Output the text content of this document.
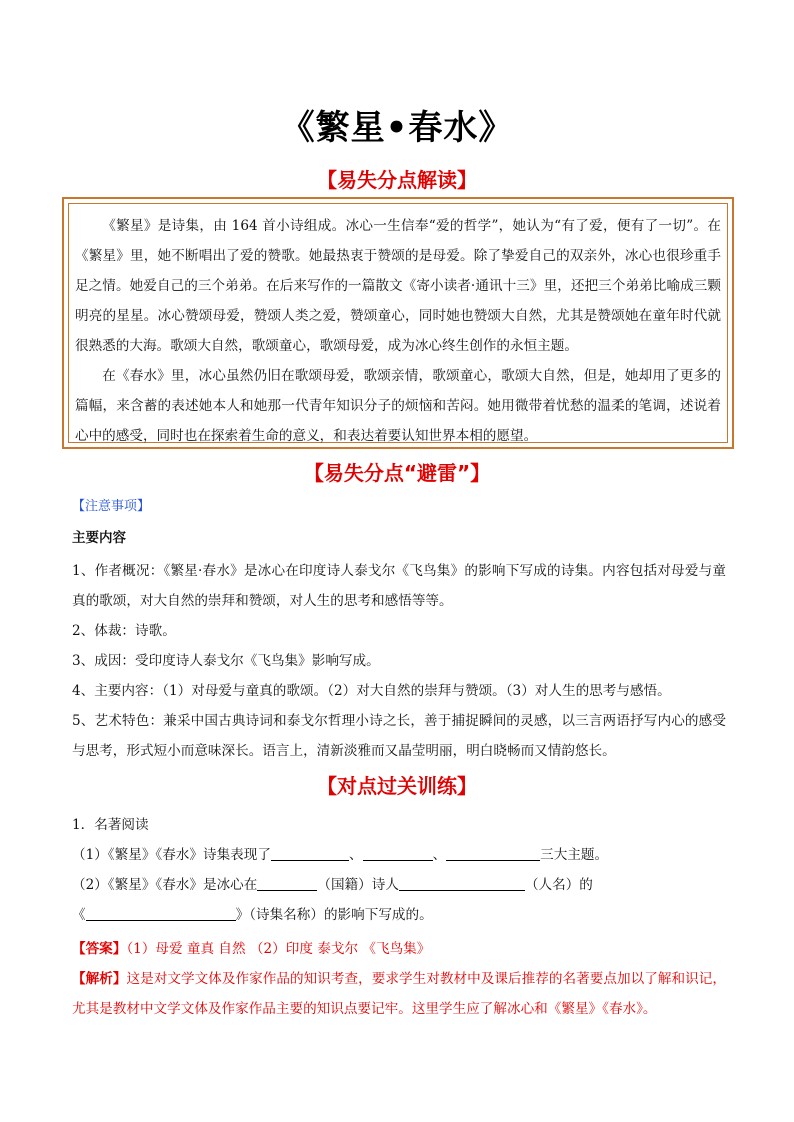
《繁星•春水》
【易失分点解读】

《繁星》是诗集，由 164 首小诗组成。冰心一生信奉“爱的哲学”，她认为“有了爱，便有了一切”。在《繁星》里，她不断唱出了爱的赞歌。她最热衷于赞颂的是母爱。除了挚爱自己的双亲外，冰心也很珍重手足之情。她爱自己的三个弟弟。在后来写作的一篇散文《寄小读者·通讯十三》里，还把三个弟弟比喻成三颗明亮的星星。冰心赞颂母爱，赞颂人类之爱，赞颂童心，同时她也赞颂大自然，尤其是赞颂她在童年时代就很熟悉的大海。歌颂大自然，歌颂童心，歌颂母爱，成为冰心终生创作的永恒主题。

在《春水》里，冰心虽然仍旧在歌颂母爱，歌颂亲情，歌颂童心，歌颂大自然，但是，她却用了更多的篇幅，来含蓄的表述她本人和她那一代青年知识分子的烦恼和苦闷。她用微带着忧愁的温柔的笔调，述说着心中的感受，同时也在探索着生命的意义，和表达着要认知世界本相的愿望。

【易失分点“避雷”】
【注意事项】
主要内容

1、作者概况：《繁星·春水》是冰心在印度诗人泰戈尔《飞鸟集》的影响下写成的诗集。内容包括对母爱与童真的歌颂，对大自然的崇拜和赞颂，对人生的思考和感悟等等。

2、体裁：诗歌。

3、成因：受印度诗人泰戈尔《飞鸟集》影响写成。

4、主要内容：（1）对母爱与童真的歌颂。（2）对大自然的崇拜与赞颂。（3）对人生的思考与感悟。

5、艺术特色：兼采中国古典诗词和泰戈尔哲理小诗之长，善于捕捉瞬间的灵感，以三言两语抒写内心的感受与思考，形式短小而意味深长。语言上，清新淡雅而又晶莹明丽，明白晓畅而又情韵悠长。

【对点过关训练】

1．名著阅读

（1）《繁星》《春水》诗集表现了	、	、	三大主题。

（2）《繁星》《春水》是冰心在	（国籍）诗人	（人名）的

《	》（诗集名称）的影响下写成的。

【答案】（1）母爱 童真 自然 （2）印度 泰戈尔 《飞鸟集》

【解析】这是对文学文体及作家作品的知识考查，要求学生对教材中及课后推荐的名著要点加以了解和识记，尤其是教材中文学文体及作家作品主要的知识点要记牢。这里学生应了解冰心和《繁星》《春水》。
